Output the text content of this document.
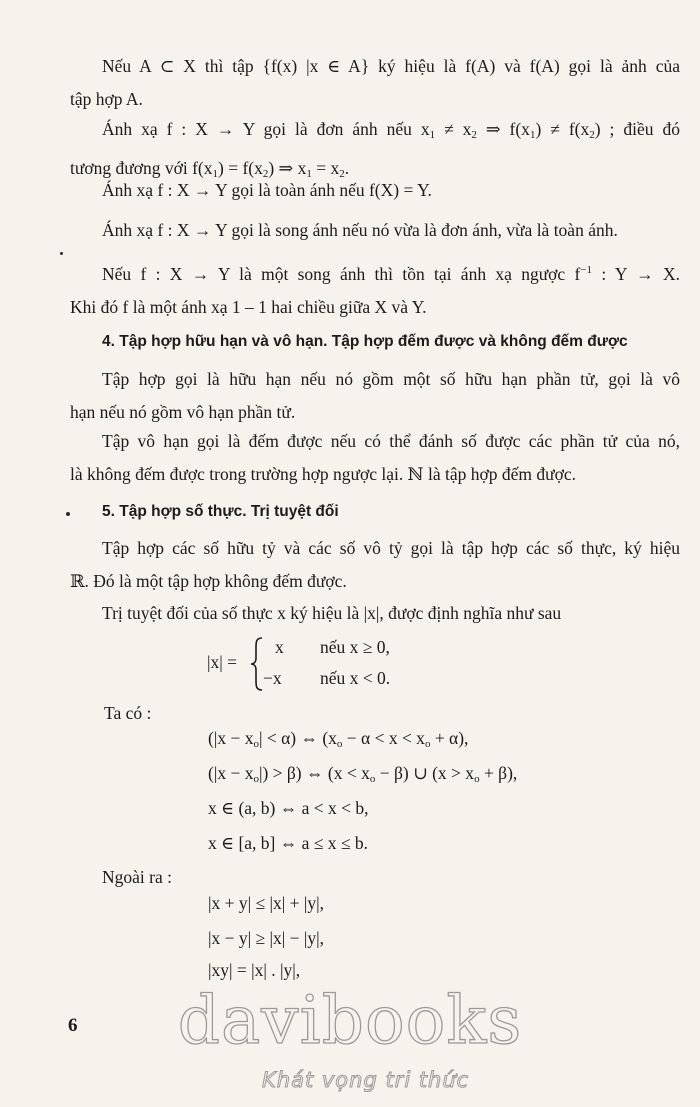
Nếu A ⊂ X thì tập {f(x) |x ∈ A} ký hiệu là f(A) và f(A) gọi là ảnh của
tập hợp A.
Ánh xạ f : X → Y gọi là đơn ánh nếu $x_1 \ne x_2$ ⇒ $f(x_1) \ne f(x_2)$ ; điều đó
tương đương với $f(x_1) = f(x_2)$ ⇒ $x_1 = x_2$.
Ánh xạ f : X → Y gọi là toàn ánh nếu f(X) = Y.
Ánh xạ f : X → Y gọi là song ánh nếu nó vừa là đơn ánh, vừa là toàn ánh.
Nếu f : X → Y là một song ánh thì tồn tại ánh xạ ngược $f^{-1}$ : Y → X.
Khi đó f là một ánh xạ 1 – 1 hai chiều giữa X và Y.
4. Tập hợp hữu hạn và vô hạn. Tập hợp đếm được và không đếm được
Tập hợp gọi là hữu hạn nếu nó gồm một số hữu hạn phần tử, gọi là vô
hạn nếu nó gồm vô hạn phần tử.
Tập vô hạn gọi là đếm được nếu có thể đánh số được các phần tử của nó,
là không đếm được trong trường hợp ngược lại. ℕ là tập hợp đếm được.
5. Tập hợp số thực. Trị tuyệt đối
Tập hợp các số hữu tỷ và các số vô tỷ gọi là tập hợp các số thực, ký hiệu
ℝ. Đó là một tập hợp không đếm được.
Trị tuyệt đối của số thực x ký hiệu là |x|, được định nghĩa như sau
|x| =
x nếu x ≥ 0,
−x nếu x < 0.
Ta có :
$(|x - x_o| < \alpha)$ ⇔ $(x_o - \alpha < x < x_o + \alpha)$,
$(|x - x_o|) > \beta$) ⇔ $(x < x_o - \beta)$ ∪ $(x > x_o + \beta)$,
x ∈ (a, b) ⇔ a < x < b,
x ∈ [a, b] ⇔ a ≤ x ≤ b.
Ngoài ra :
|x + y| ≤ |x| + |y|,
|x − y| ≥ |x| − |y|,
|xy| = |x| . |y|,
6	davibooks
Khát vọng tri thức
